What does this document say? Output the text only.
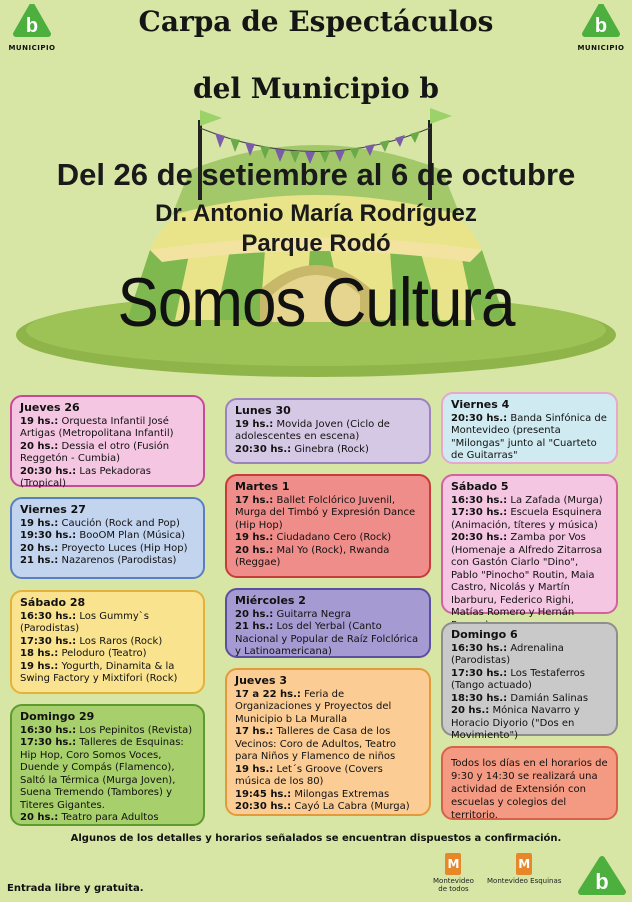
b
MUNICIPIO
b
MUNICIPIO
Carpa de Espectáculos
del Municipio b
Del 26 de setiembre al 6 de octubre
Dr. Antonio María Rodríguez
Parque Rodó
Somos Cultura
Jueves 26
19 hs.: Orquesta Infantil José Artigas (Metropolitana Infantil)
20 hs.: Dessia el otro (Fusión Reggetón - Cumbia)
20:30 hs.: Las Pekadoras (Tropical)
Viernes 27
19 hs.: Caución (Rock and Pop)
19:30 hs.: BooOM Plan (Música)
20 hs.: Proyecto Luces (Hip Hop)
21 hs.: Nazarenos (Parodistas)
Sábado 28
16:30 hs.: Los Gummy`s (Parodistas)
17:30 hs.: Los Raros (Rock)
18 hs.: Peloduro (Teatro)
19 hs.: Yogurth, Dinamita & la Swing Factory y Mixtifori (Rock)
Domingo 29
16:30 hs.: Los Pepinitos (Revista)
17:30 hs.: Talleres de Esquinas: Hip Hop, Coro Somos Voces, Duende y Compás (Flamenco), Saltó la Térmica (Murga Joven), Suena Tremendo (Tambores) y Titeres Gigantes.
20 hs.: Teatro para Adultos
Lunes 30
19 hs.: Movida Joven (Ciclo de adolescentes en escena)
20:30 hs.: Ginebra (Rock)
Martes 1
17 hs.: Ballet Folclórico Juvenil, Murga del Timbó y Expresión Dance (Hip Hop)
19 hs.: Ciudadano Cero (Rock)
20 hs.: Mal Yo (Rock), Rwanda (Reggae)
Miércoles 2
20 hs.: Guitarra Negra
21 hs.: Los del Yerbal (Canto Nacional y Popular de Raíz Folclórica y Latinoamericana)
Jueves 3
17 a 22 hs.: Feria de Organizaciones y Proyectos del Municipio b La Muralla
17 hs.: Talleres de Casa de los Vecinos: Coro de Adultos, Teatro para Niños y Flamenco de niños
19 hs.: Let´s Groove (Covers música de los 80)
19:45 hs.: Milongas Extremas
20:30 hs.: Cayó La Cabra (Murga)
Viernes 4
20:30 hs.: Banda Sinfónica de Montevideo (presenta "Milongas" junto al "Cuarteto de Guitarras"
Sábado 5
16:30 hs.: La Zafada (Murga)
17:30 hs.: Escuela Esquinera (Animación, títeres y música)
20:30 hs.: Zamba por Vos (Homenaje a Alfredo Zitarrosa con Gastón Ciarlo "Dino", Pablo "Pinocho" Routin, Maia Castro, Nicolás y Martín Ibarburu, Federico Righi, Matías Romero y Hernán
Domingo 6
16:30 hs.: Adrenalina (Parodistas)
17:30 hs.: Los Testaferros (Tango actuado)
18:30 hs.: Damián Salinas
20 hs.: Mónica Navarro y Horacio Diyorio ("Dos en Movimiento")
Todos los días en el horarios de 9:30 y 14:30 se realizará una actividad de Extensión con escuelas y colegios del territorio.
Algunos de los detalles y horarios señalados se encuentran dispuestos a confirmación.
Entrada libre y gratuita.
M
Montevideo
de todos
M
Montevideo Esquinas b
